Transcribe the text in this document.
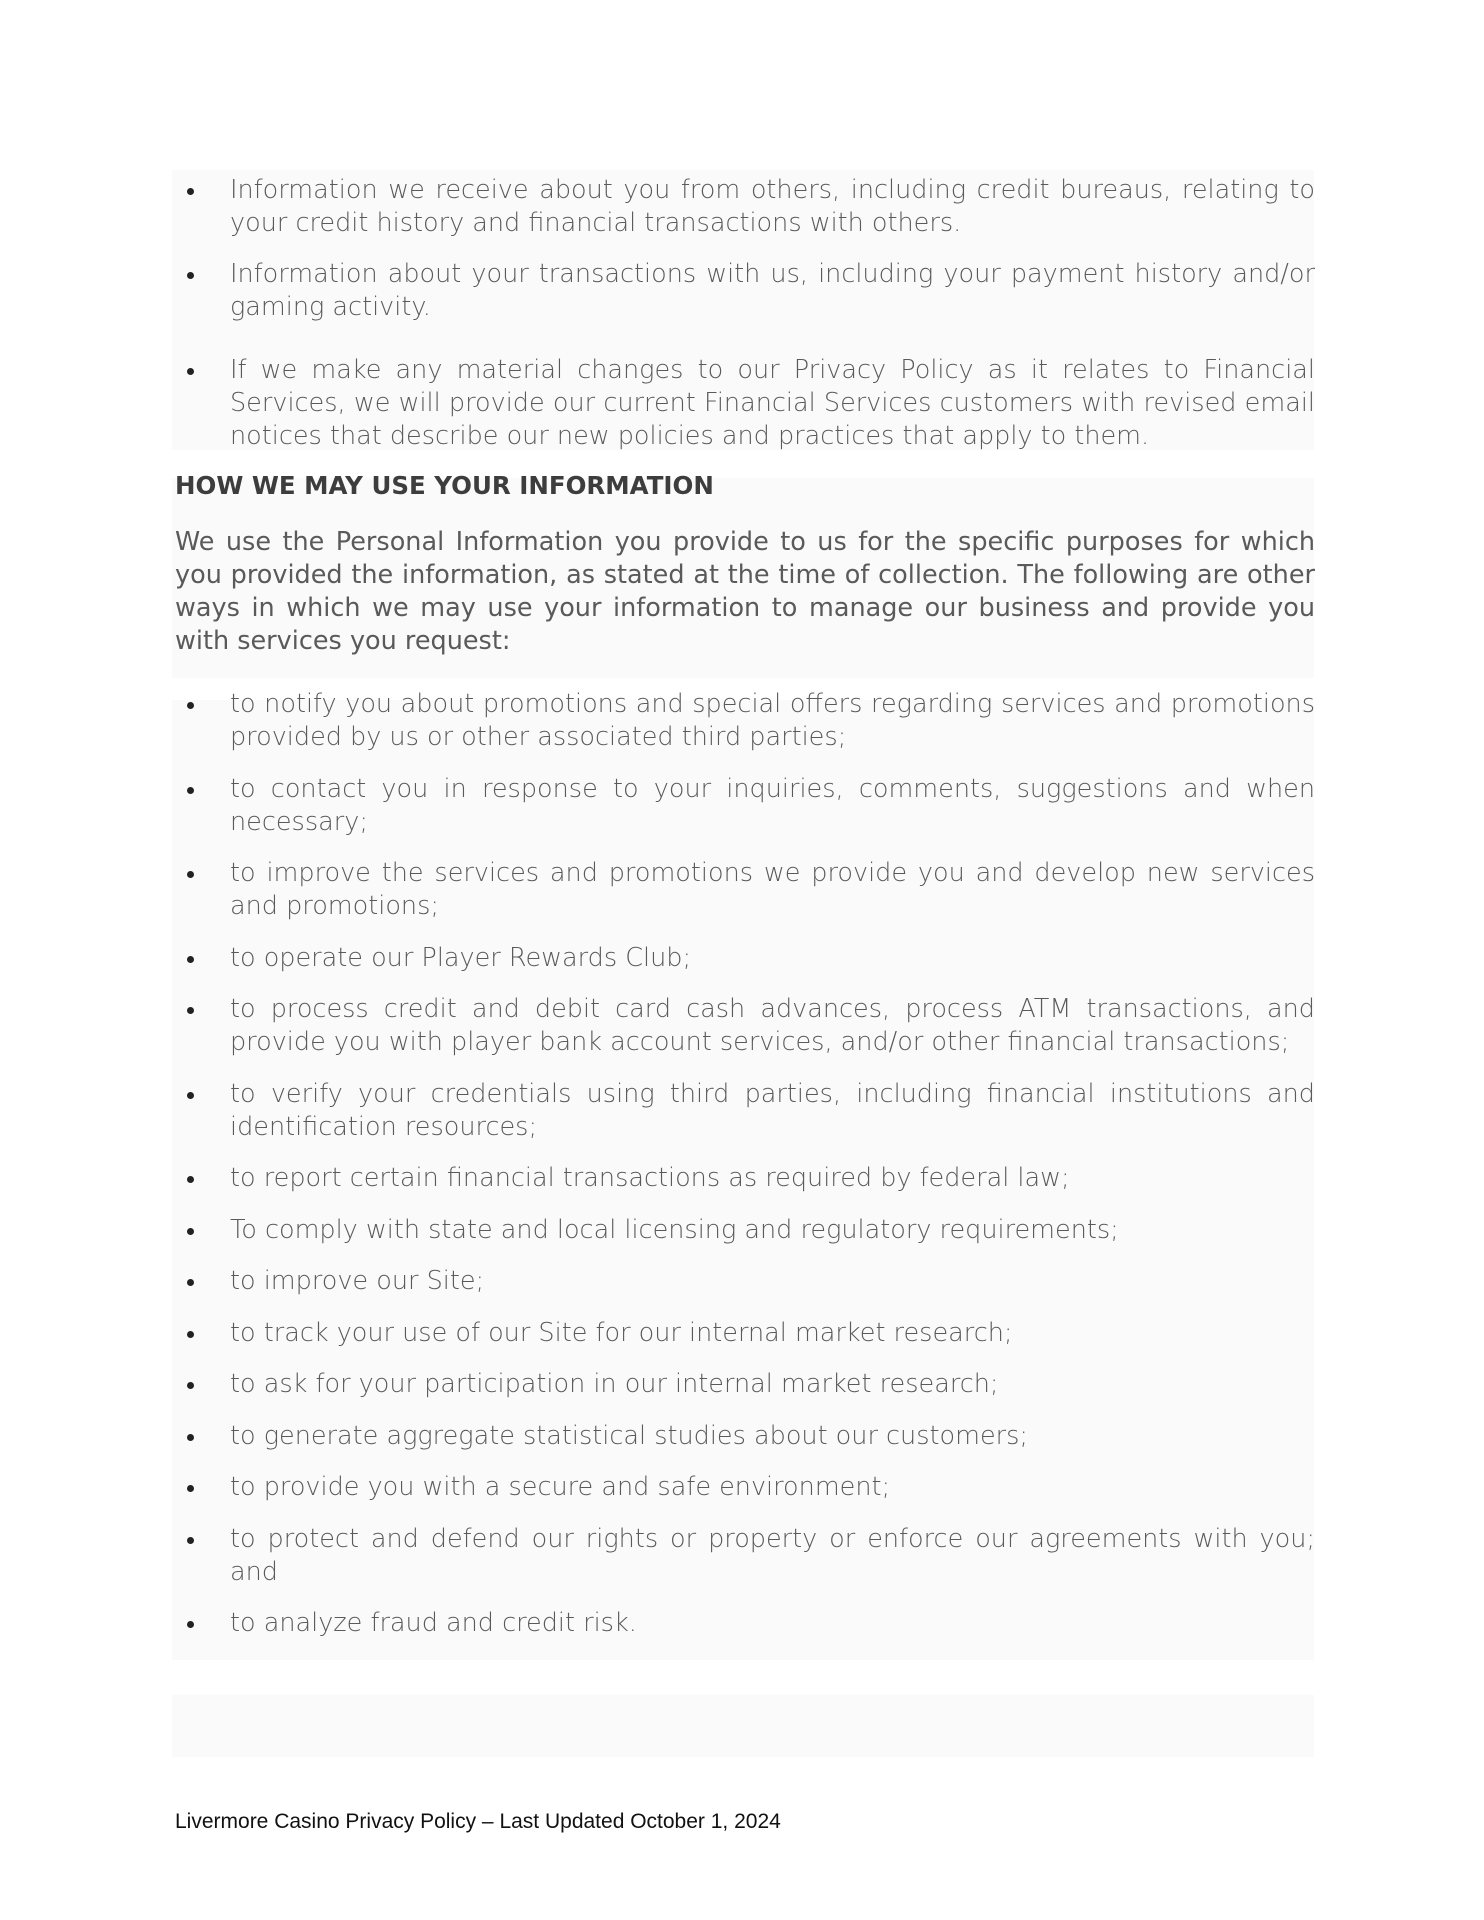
Information we receive about you from others, including credit bureaus, relating to your credit history and financial transactions with others.
Information about your transactions with us, including your payment history and/or gaming activity.
If we make any material changes to our Privacy Policy as it relates to Financial Services, we will provide our current Financial Services customers with revised email notices that describe our new policies and practices that apply to them.
HOW WE MAY USE YOUR INFORMATION

We use the Personal Information you provide to us for the specific purposes for which you provided the information, as stated at the time of collection. The following are other ways in which we may use your information to manage our business and provide you with services you request:

to notify you about promotions and special offers regarding services and promotions provided by us or other associated third parties;
to contact you in response to your inquiries, comments, suggestions and when necessary;
to improve the services and promotions we provide you and develop new services and promotions;
to operate our Player Rewards Club;
to process credit and debit card cash advances, process ATM transactions, and provide you with player bank account services, and/or other financial transactions;
to verify your credentials using third parties, including financial institutions and identification resources;
to report certain financial transactions as required by federal law;
To comply with state and local licensing and regulatory requirements;
to improve our Site;
to track your use of our Site for our internal market research;
to ask for your participation in our internal market research;
to generate aggregate statistical studies about our customers;
to provide you with a secure and safe environment;
to protect and defend our rights or property or enforce our agreements with you; and
to analyze fraud and credit risk.
Livermore Casino Privacy Policy – Last Updated October 1, 2024
